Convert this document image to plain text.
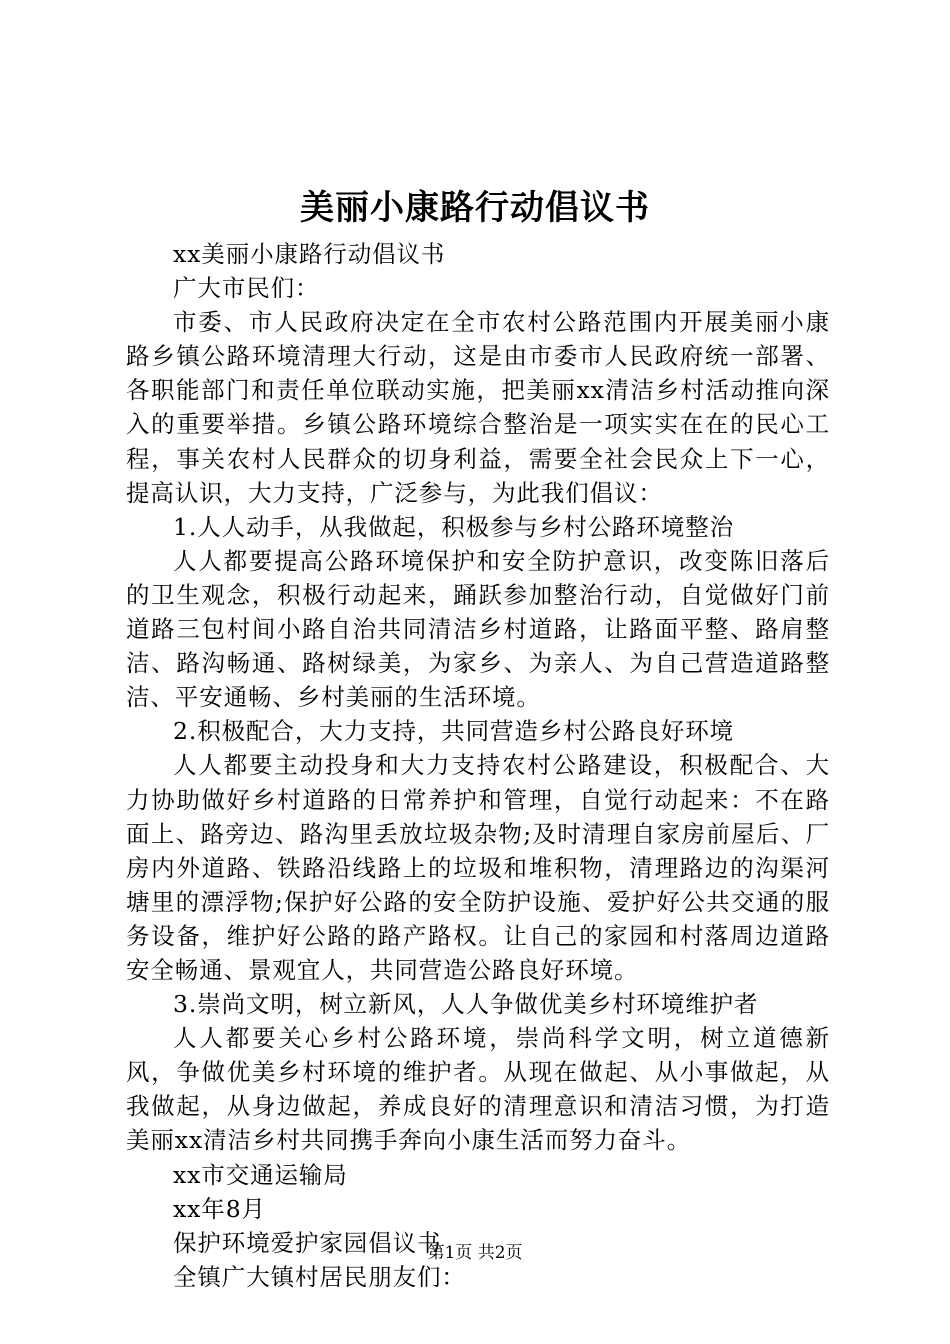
美丽小康路行动倡议书

xx美丽小康路行动倡议书

广大市民们：

市委、市人民政府决定在全市农村公路范围内开展美丽小康路乡镇公路环境清理大行动，这是由市委市人民政府统一部署、各职能部门和责任单位联动实施，把美丽xx清洁乡村活动推向深入的重要举措。乡镇公路环境综合整治是一项实实在在的民心工程，事关农村人民群众的切身利益，需要全社会民众上下一心，提高认识，大力支持，广泛参与，为此我们倡议：

1.人人动手，从我做起，积极参与乡村公路环境整治

人人都要提高公路环境保护和安全防护意识，改变陈旧落后的卫生观念，积极行动起来，踊跃参加整治行动，自觉做好门前道路三包村间小路自治共同清洁乡村道路，让路面平整、路肩整洁、路沟畅通、路树绿美，为家乡、为亲人、为自己营造道路整洁、平安通畅、乡村美丽的生活环境。

2.积极配合，大力支持，共同营造乡村公路良好环境

人人都要主动投身和大力支持农村公路建设，积极配合、大力协助做好乡村道路的日常养护和管理，自觉行动起来：不在路面上、路旁边、路沟里丢放垃圾杂物;及时清理自家房前屋后、厂房内外道路、铁路沿线路上的垃圾和堆积物，清理路边的沟渠河塘里的漂浮物;保护好公路的安全防护设施、爱护好公共交通的服务设备，维护好公路的路产路权。让自己的家园和村落周边道路安全畅通、景观宜人，共同营造公路良好环境。

3.崇尚文明，树立新风，人人争做优美乡村环境维护者

人人都要关心乡村公路环境，崇尚科学文明，树立道德新风，争做优美乡村环境的维护者。从现在做起、从小事做起，从我做起，从身边做起，养成良好的清理意识和清洁习惯，为打造美丽xx清洁乡村共同携手奔向小康生活而努力奋斗。

xx市交通运输局

xx年8月

保护环境爱护家园倡议书

全镇广大镇村居民朋友们：

第1页 共2页
